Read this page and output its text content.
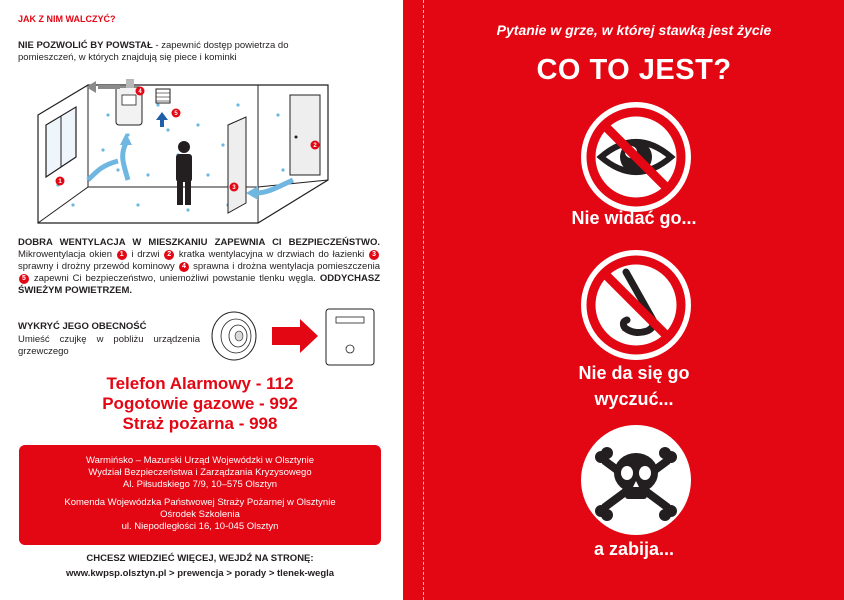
JAK Z NIM WALCZYĆ?
NIE POZWOLIĆ BY POWSTAŁ - zapewnić dostęp powietrza do pomieszczeń, w których znajdują się piece i kominki
1
2
3
4
5
DOBRA WENTYLACJA W MIESZKANIU ZAPEWNIA CI BEZPIECZEŃSTWO. Mikrowentylacja okien 1 i drzwi 2 kratka wentylacyjna w drzwiach do łazienki 3 sprawny i drożny przewód kominowy 4 sprawna i drożna wentylacja pomieszczenia 5 zapewni Ci bezpieczeństwo, uniemożliwi powstanie tlenku węgla. ODDYCHASZ ŚWIEŻYM POWIETRZEM.
WYKRYĆ JEGO OBECNOŚĆ
Umieść czujkę w pobliżu urządzenia grzewczego
Telefon Alarmowy - 112
Pogotowie gazowe - 992
Straż pożarna - 998
Warmińsko – Mazurski Urząd Wojewódzki w Olsztynie
Wydział Bezpieczeństwa i Zarządzania Kryzysowego
Al. Piłsudskiego 7/9, 10–575 Olsztyn
Komenda Wojewódzka Państwowej Straży Pożarnej w Olsztynie
Ośrodek Szkolenia
ul. Niepodległości 16, 10-045 Olsztyn
CHCESZ WIEDZIEĆ WIĘCEJ, WEJDŹ NA STRONĘ:
www.kwpsp.olsztyn.pl > prewencja > porady > tlenek-wegla
Pytanie w grze, w której stawką jest życie
CO TO JEST?
Nie widać go...
Nie da się go
wyczuć...
a zabija...
